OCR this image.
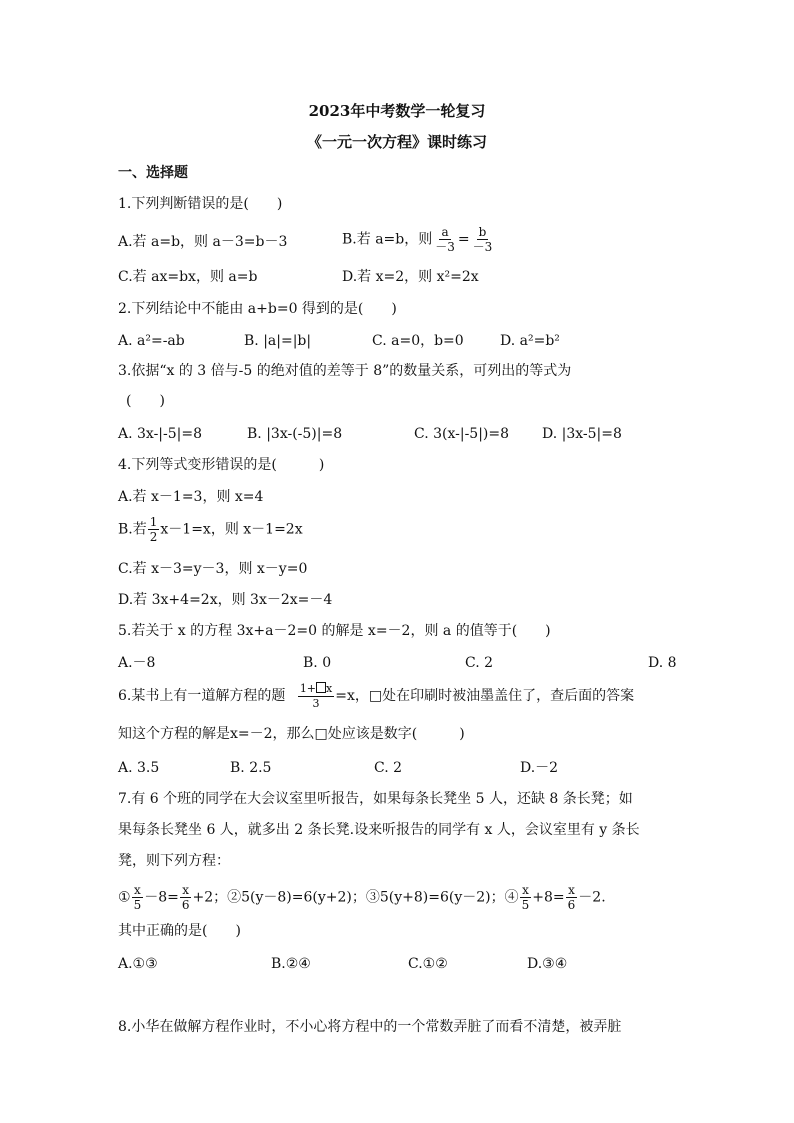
2023年中考数学一轮复习
《一元一次方程》课时练习
一、选择题
1.下列判断错误的是(　　)
A.若 a=b，则 a－3=b－3	B.若 a=b，则 $\frac{a}{-3} = \frac{b}{-3}$
C.若 ax=bx，则 a=b	D.若 x=2，则 x²=2x
2.下列结论中不能由 a+b=0 得到的是(　　)
A. a²=-ab	B. |a|=|b|	C. a=0，b=0	D. a²=b²
3.依据“x 的 3 倍与-5 的绝对值的差等于 8”的数量关系，可列出的等式为
(　　)
A. 3x-|-5|=8	B. |3x-(-5)|=8	C. 3(x-|-5|)=8 D. |3x-5|=8
4.下列等式变形错误的是(　　　)
A.若 x－1=3，则 x=4
B.若 $\frac{1}{2} x-1=x$，则 x－1=2x
C.若 x－3=y－3，则 x－y=0
D.若 3x+4=2x，则 3x－2x=－4
5.若关于 x 的方程 3x+a－2=0 的解是 x=－2，则 a 的值等于(　　)
A.－8	B. 0	C. 2	D. 8
6.某书上有一道解方程的题 $\frac{1+ x}{3} =x$，□处在印刷时被油墨盖住了，查后面的答案
知这个方程的解是x=－2，那么□处应该是数字(　　　)
A. 3.5	B. 2.5	C. 2	D.－2
7.有 6 个班的同学在大会议室里听报告，如果每条长凳坐 5 人，还缺 8 条长凳；如
果每条长凳坐 6 人，就多出 2 条长凳.设来听报告的同学有 x 人，会议室里有 y 条长
凳，则下列方程：
① $\frac{x}{5} -8= \frac{x}{6} +2$；②5(y－8)=6(y+2)；③5(y+8)=6(y－2)；④ $\frac{x}{5} +8= \frac{x}{6} -2$.
其中正确的是(　　)
A.①③	B.②④	C.①②	D.③④
8.小华在做解方程作业时，不小心将方程中的一个常数弄脏了而看不清楚，被弄脏
